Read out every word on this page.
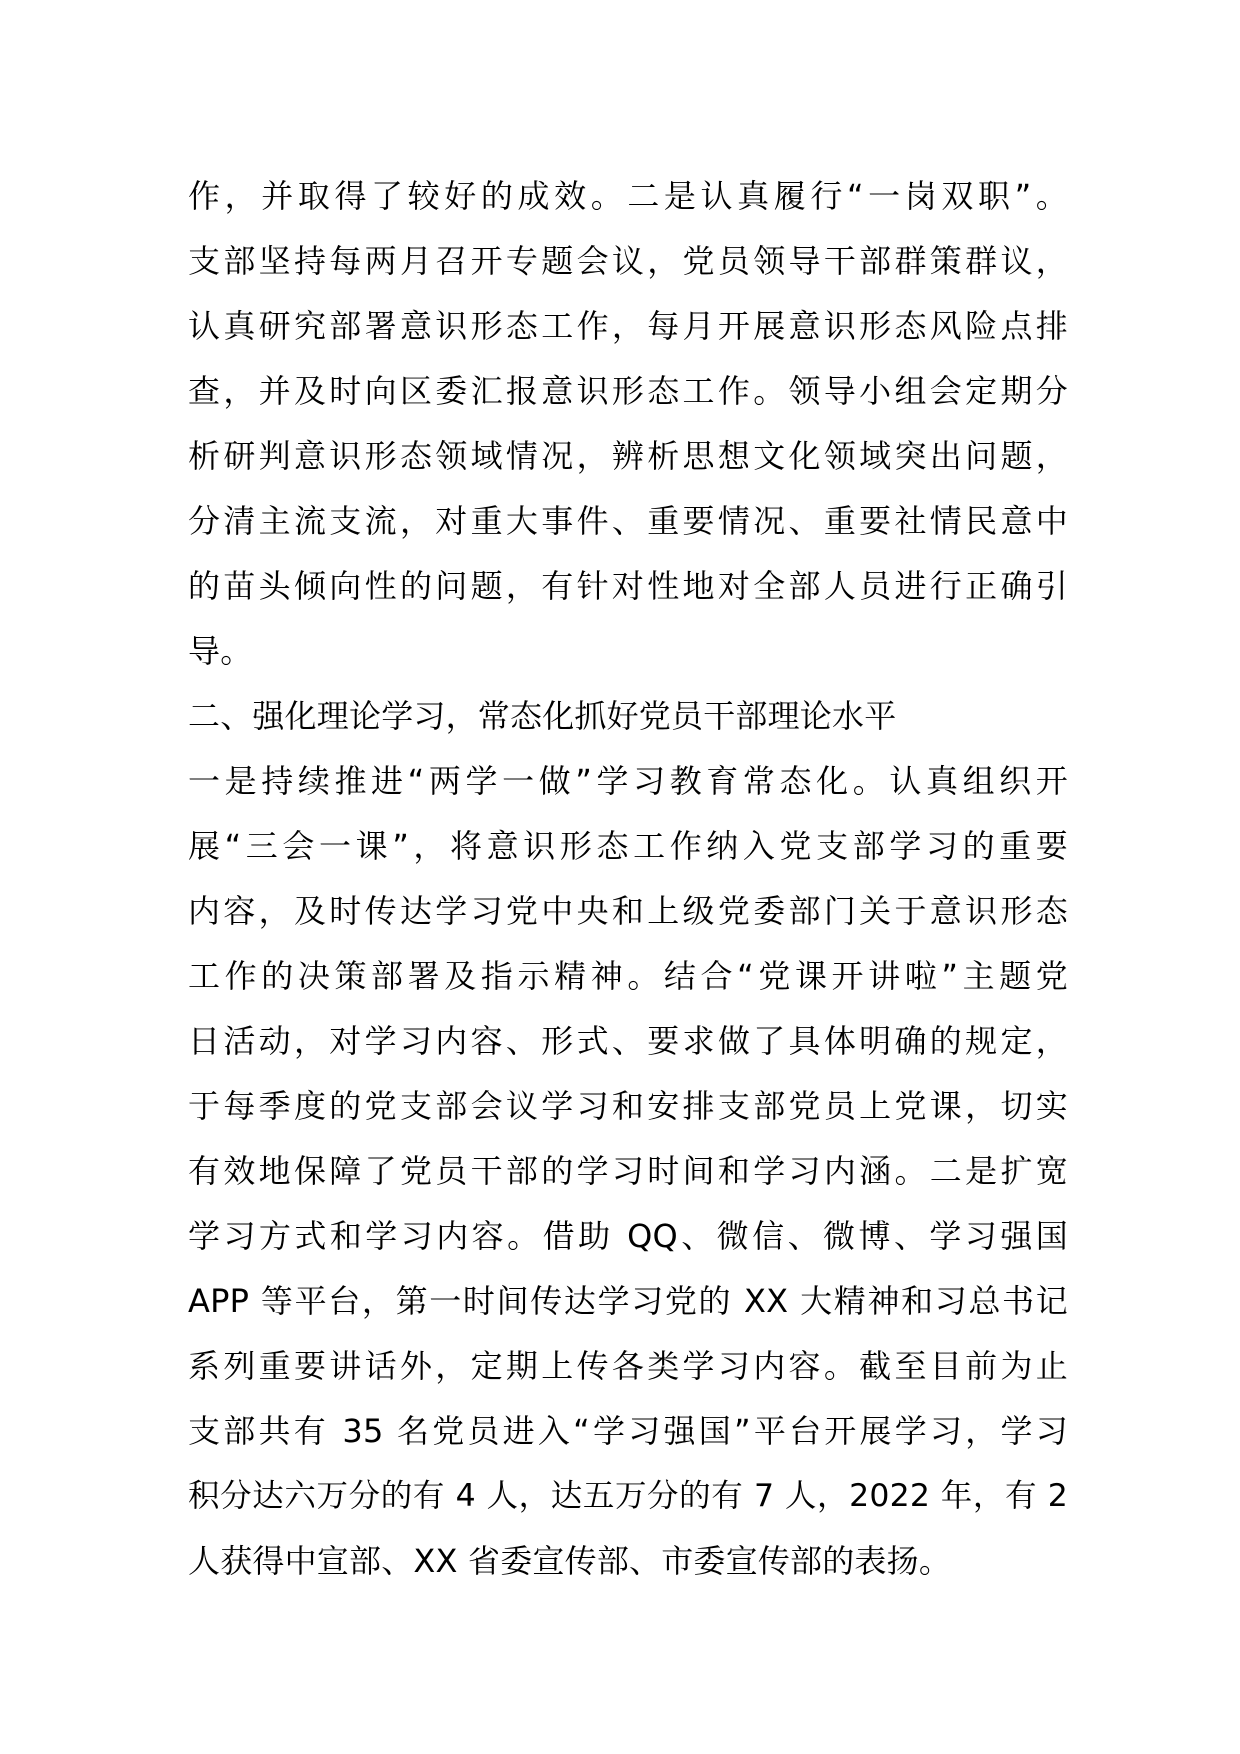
作，并取得了较好的成效。二是认真履行“一岗双职”。
支部坚持每两月召开专题会议，党员领导干部群策群议，
认真研究部署意识形态工作，每月开展意识形态风险点排
查，并及时向区委汇报意识形态工作。领导小组会定期分
析研判意识形态领域情况，辨析思想文化领域突出问题，
分清主流支流，对重大事件、重要情况、重要社情民意中
的苗头倾向性的问题，有针对性地对全部人员进行正确引
导。
二、强化理论学习，常态化抓好党员干部理论水平
一是持续推进“两学一做”学习教育常态化。认真组织开
展“三会一课”，将意识形态工作纳入党支部学习的重要
内容，及时传达学习党中央和上级党委部门关于意识形态
工作的决策部署及指示精神。结合“党课开讲啦”主题党
日活动，对学习内容、形式、要求做了具体明确的规定，
于每季度的党支部会议学习和安排支部党员上党课，切实
有效地保障了党员干部的学习时间和学习内涵。二是扩宽
学习方式和学习内容。借助 QQ、微信、微博、学习强国
APP 等平台，第一时间传达学习党的 XX 大精神和习总书记
系列重要讲话外，定期上传各类学习内容。截至目前为止
支部共有 35 名党员进入“学习强国”平台开展学习，学习
积分达六万分的有 4 人，达五万分的有 7 人，2022 年，有 2
人获得中宣部、XX 省委宣传部、市委宣传部的表扬。
